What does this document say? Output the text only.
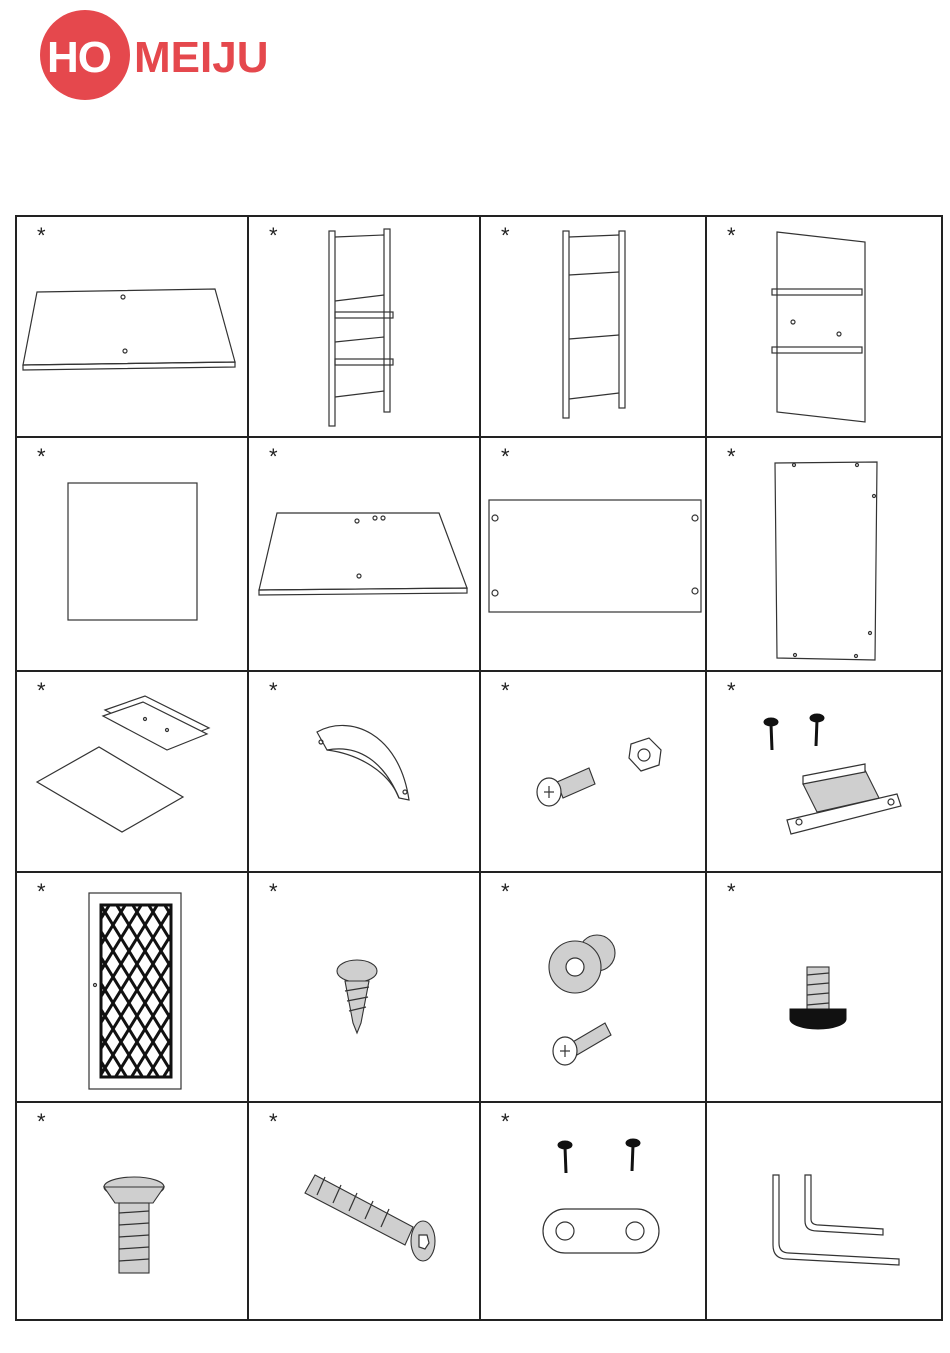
HO MEIJU
*	*	*	*
*	*	*	*
*	*	*	*
*	*	*	*
*	*	*
